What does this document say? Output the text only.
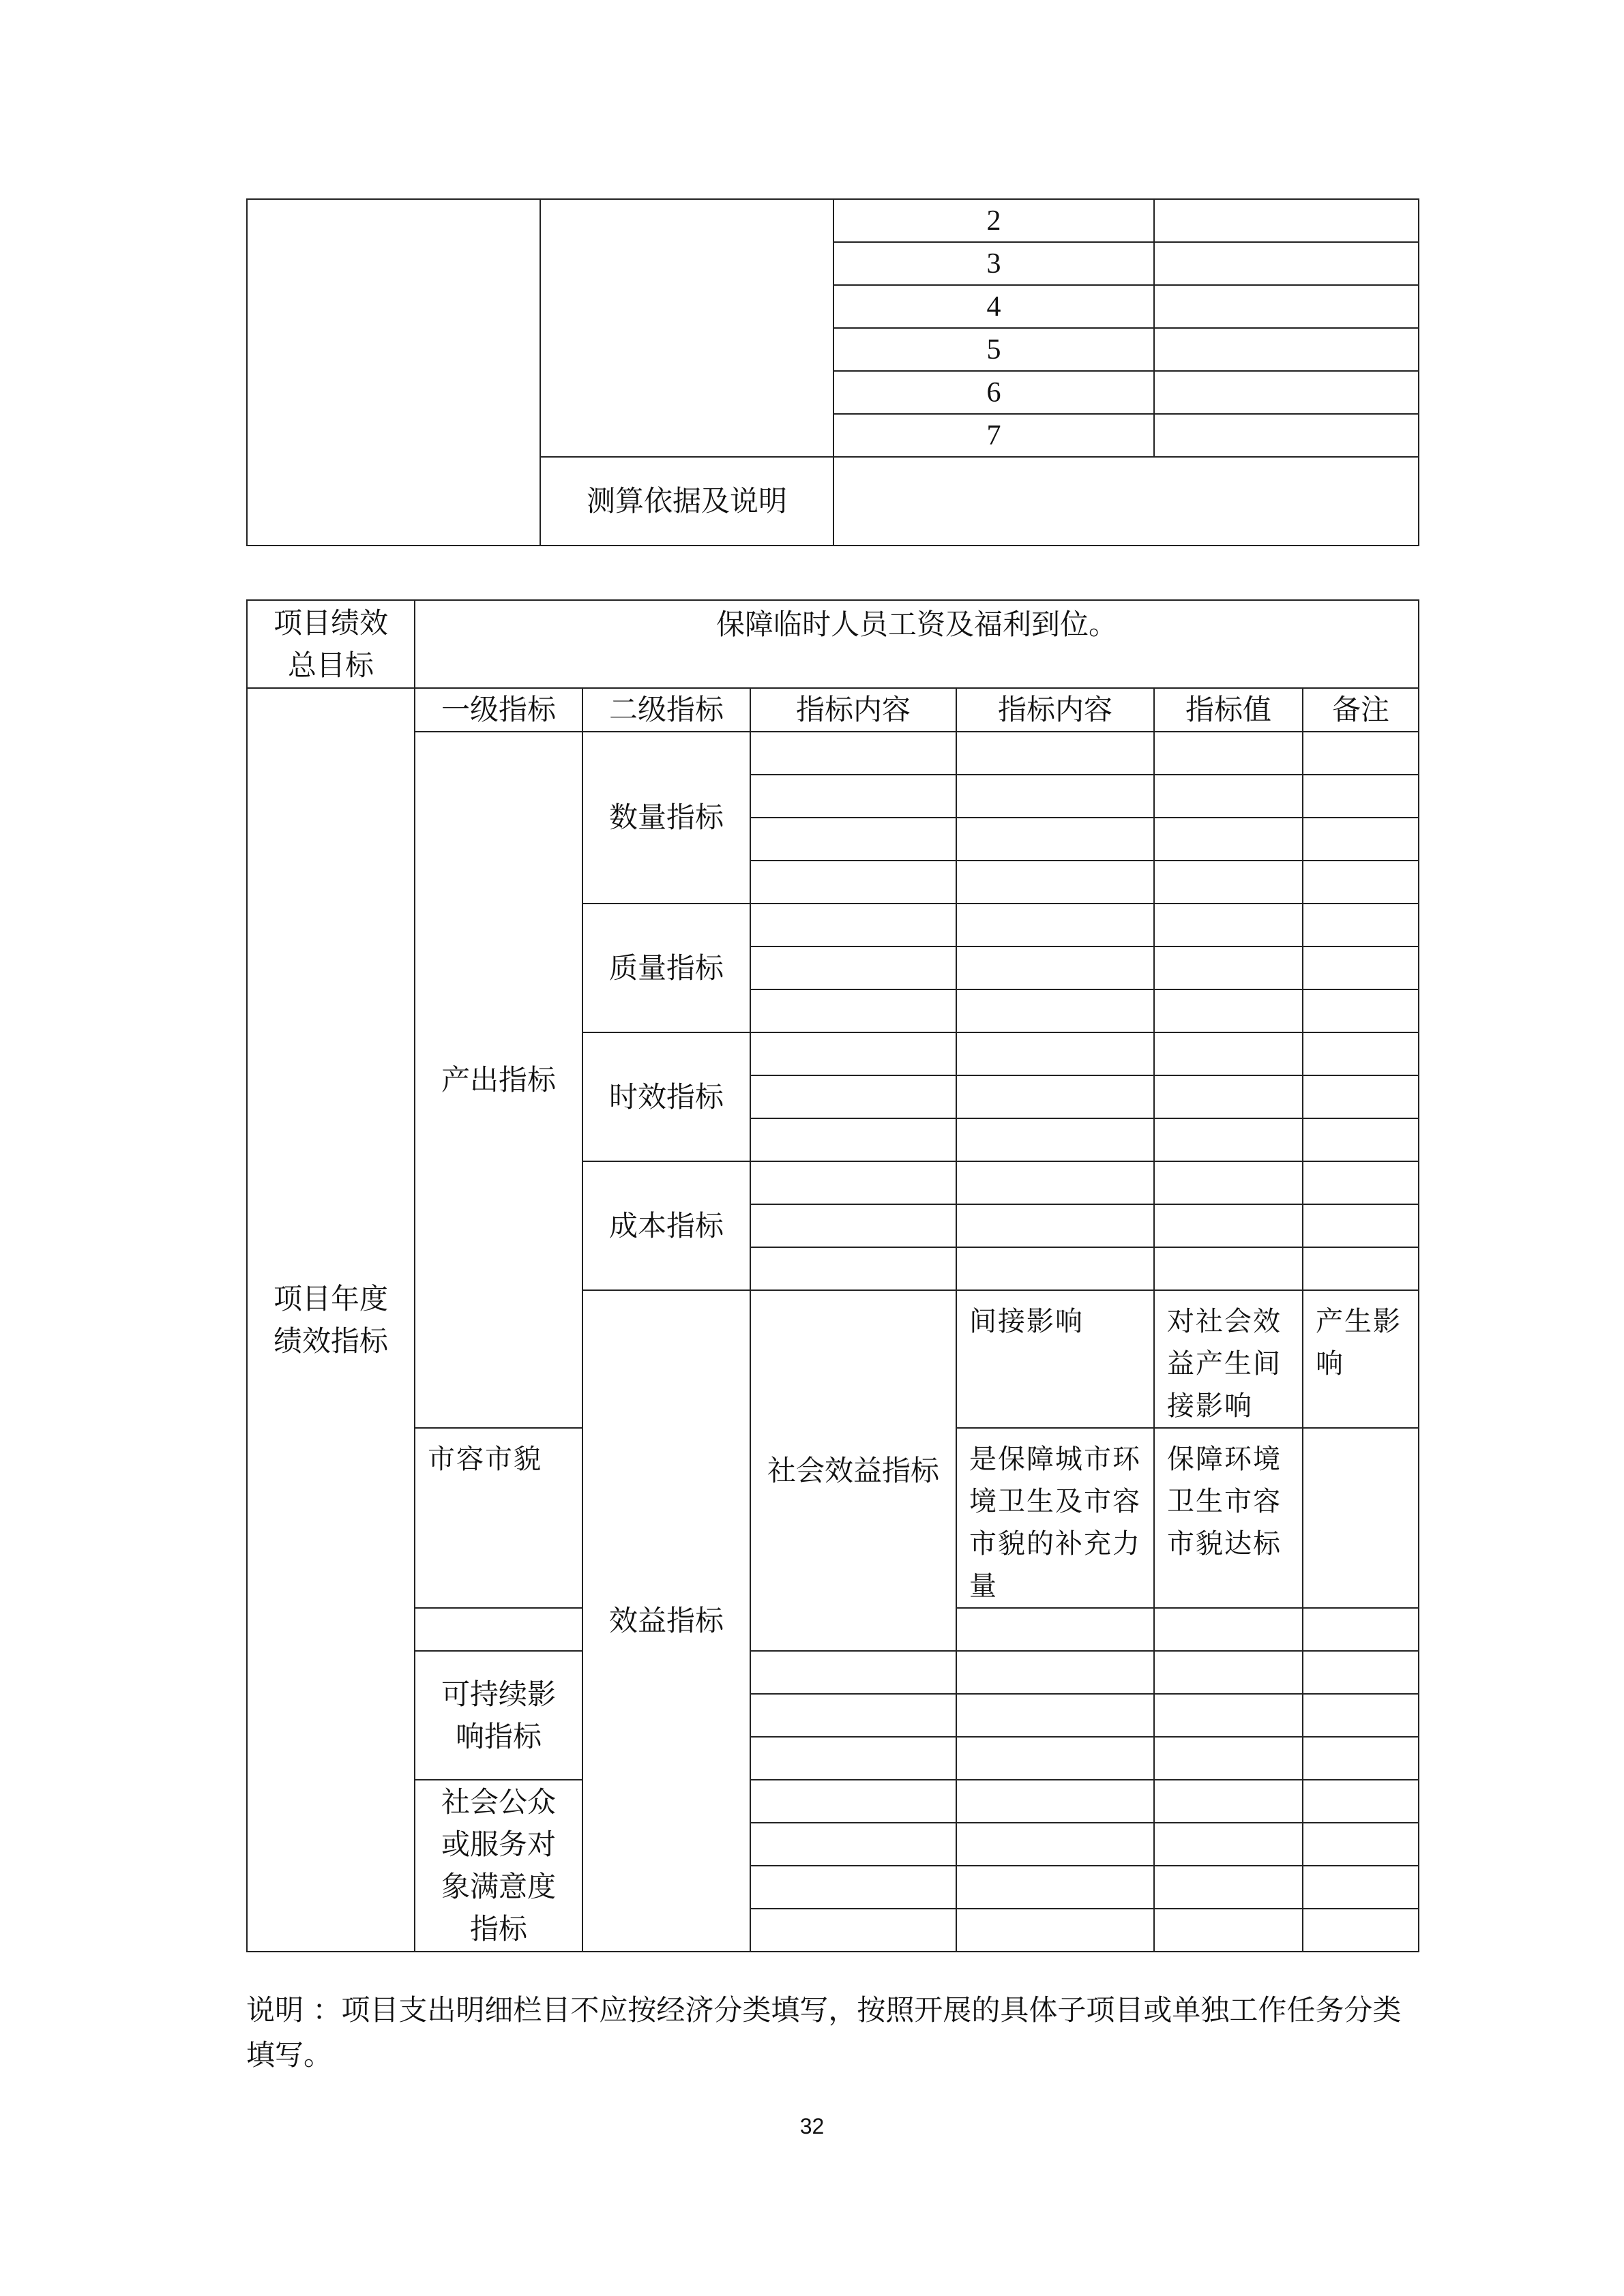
		2	
		3	
		4	
		5	
		6	
		7	
	测算依据及说明		
项目绩效总目标	保障临时人员工资及福利到位。						
项目年度绩效指标	一级指标	二级指标	指标内容	指标内容	指标值	备注	
	产出指标	数量指标					

		质量指标					

		时效指标					

		成本指标					

		效益指标	社会效益指标	间接影响	对社会效益产生间接影响	产生影响	
	市容市貌			是保障城市环境卫生及市容市貌的补充力量	保障环境卫生市容市貌达标		

	可持续影响指标						

	社会公众或服务对象满意度指标						

说明 ：项目支出明细栏目不应按经济分类填写，按照开展的具体子项目或单独工作任务分类填写。
32
